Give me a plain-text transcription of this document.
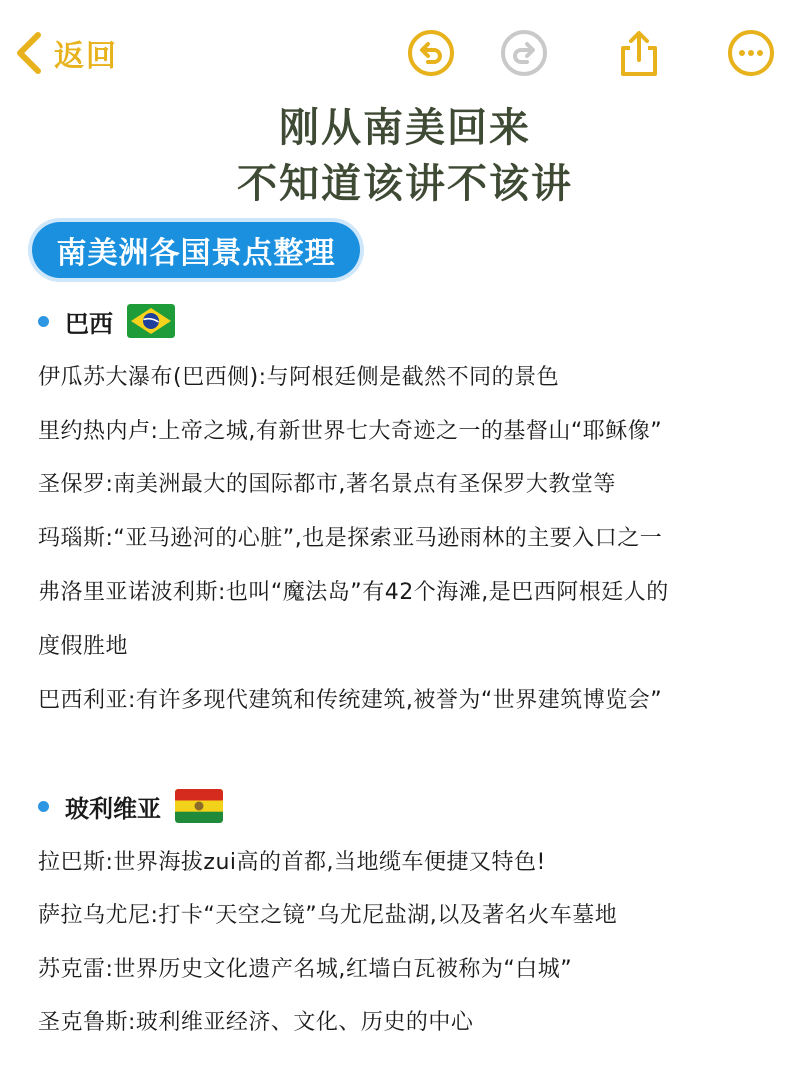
返回
刚从南美回来
不知道该讲不该讲
南美洲各国景点整理
巴西
伊瓜苏大瀑布(巴西侧):与阿根廷侧是截然不同的景色
里约热内卢:上帝之城,有新世界七大奇迹之一的基督山“耶稣像”
圣保罗:南美洲最大的国际都市,著名景点有圣保罗大教堂等
玛瑙斯:“亚马逊河的心脏”,也是探索亚马逊雨林的主要入口之一
弗洛里亚诺波利斯:也叫“魔法岛”有42个海滩,是巴西阿根廷人的
度假胜地
巴西利亚:有许多现代建筑和传统建筑,被誉为“世界建筑博览会”
玻利维亚
拉巴斯:世界海拔zui高的首都,当地缆车便捷又特色!
萨拉乌尤尼:打卡“天空之镜”乌尤尼盐湖,以及著名火车墓地
苏克雷:世界历史文化遗产名城,红墙白瓦被称为“白城”
圣克鲁斯:玻利维亚经济、文化、历史的中心
